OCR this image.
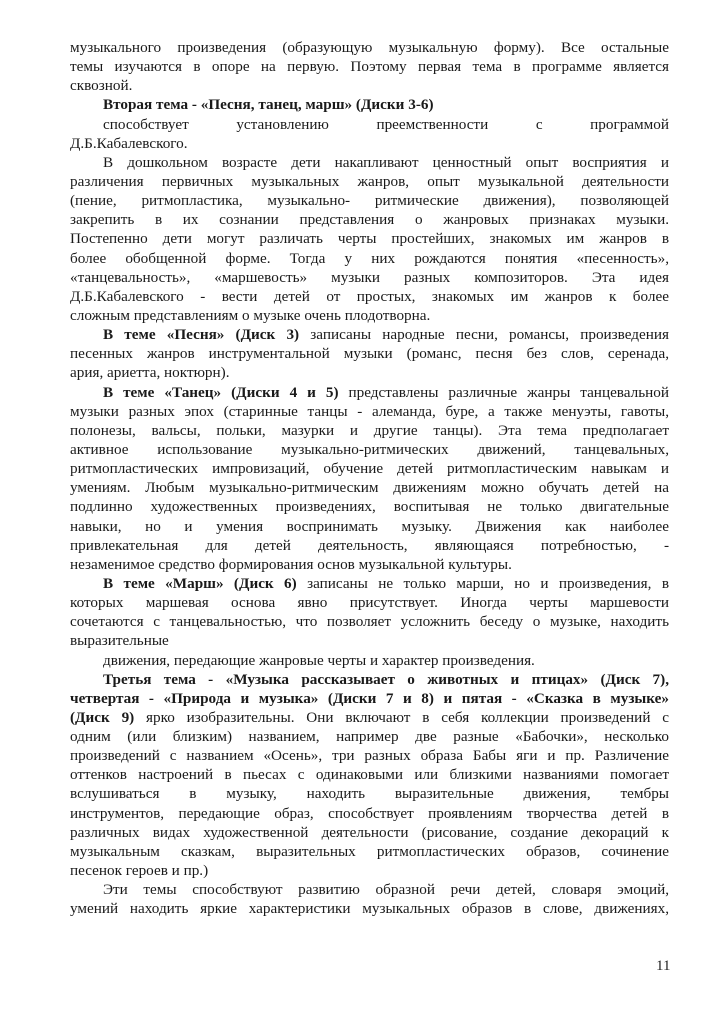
музыкального произведения (образующую музыкальную форму). Все остальные
темы изучаются в опоре на первую. Поэтому первая тема в программе является
сквозной.
Вторая тема - «Песня, танец, марш» (Диски 3-6)
способствует установлению преемственности с программой
Д.Б.Кабалевского.
В дошкольном возрасте дети накапливают ценностный опыт восприятия и
различения первичных музыкальных жанров, опыт музыкальной деятельности
(пение, ритмопластика, музыкально- ритмические движения), позволяющей
закрепить в их сознании представления о жанровых признаках музыки.
Постепенно дети могут различать черты простейших, знакомых им жанров в
более обобщенной форме. Тогда у них рождаются понятия «песенность»,
«танцевальность», «маршевость» музыки разных композиторов. Эта идея
Д.Б.Кабалевского - вести детей от простых, знакомых им жанров к более
сложным представлениям о музыке очень плодотворна.
В теме «Песня» (Диск 3) записаны народные песни, романсы, произведения
песенных жанров инструментальной музыки (романс, песня без слов, серенада,
ария, ариетта, ноктюрн).
В теме «Танец» (Диски 4 и 5) представлены различные жанры танцевальной
музыки разных эпох (старинные танцы - алеманда, буре, а также менуэты, гавоты,
полонезы, вальсы, польки, мазурки и другие танцы). Эта тема предполагает
активное использование музыкально-ритмических движений, танцевальных,
ритмопластических импровизаций, обучение детей ритмопластическим навыкам и
умениям. Любым музыкально-ритмическим движениям можно обучать детей на
подлинно художественных произведениях, воспитывая не только двигательные
навыки, но и умения воспринимать музыку. Движения как наиболее
привлекательная для детей деятельность, являющаяся потребностью, -
незаменимое средство формирования основ музыкальной культуры.
В теме «Марш» (Диск 6) записаны не только марши, но и произведения, в
которых маршевая основа явно присутствует. Иногда черты маршевости
сочетаются с танцевальностью, что позволяет усложнить беседу о музыке, находить
выразительные
движения, передающие жанровые черты и характер произведения.
Третья тема - «Музыка рассказывает о животных и птицах» (Диск 7),
четвертая - «Природа и музыка» (Диски 7 и 8) и пятая - «Сказка в музыке»
(Диск 9) ярко изобразительны. Они включают в себя коллекции произведений с
одним (или близким) названием, например две разные «Бабочки», несколько
произведений с названием «Осень», три разных образа Бабы яги и пр. Различение
оттенков настроений в пьесах с одинаковыми или близкими названиями помогает
вслушиваться в музыку, находить выразительные движения, тембры
инструментов, передающие образ, способствует проявлениям творчества детей в
различных видах художественной деятельности (рисование, создание декораций к
музыкальным сказкам, выразительных ритмопластических образов, сочинение
песенок героев и пр.)
Эти темы способствуют развитию образной речи детей, словаря эмоций,
умений находить яркие характеристики музыкальных образов в слове, движениях,
11
